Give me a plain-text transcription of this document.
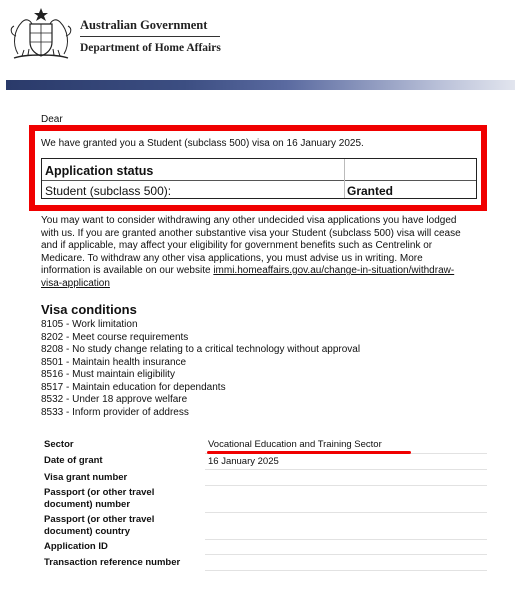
Australian Government
Department of Home Affairs
Dear
We have granted you a Student (subclass 500) visa on 16 January 2025.
Application status
Student (subclass 500):	Granted
You may want to consider withdrawing any other undecided visa applications you have lodged with us. If you are granted another substantive visa your Student (subclass 500) visa will cease and if applicable, may affect your eligibility for government benefits such as Centrelink or Medicare. To withdraw any other visa applications, you must advise us in writing. More information is available on our website immi.homeaffairs.gov.au/change-in-situation/withdraw-visa-application
Visa conditions
8105 - Work limitation
8202 - Meet course requirements
8208 - No study change relating to a critical technology without approval
8501 - Maintain health insurance
8516 - Must maintain eligibility
8517 - Maintain education for dependants
8532 - Under 18 approve welfare
8533 - Inform provider of address
Sector	Vocational Education and Training Sector	
Date of grant	16 January 2025	
Visa grant number		
Passport (or other travel document) number		
Passport (or other travel document) country		
Application ID		
Transaction reference number		
